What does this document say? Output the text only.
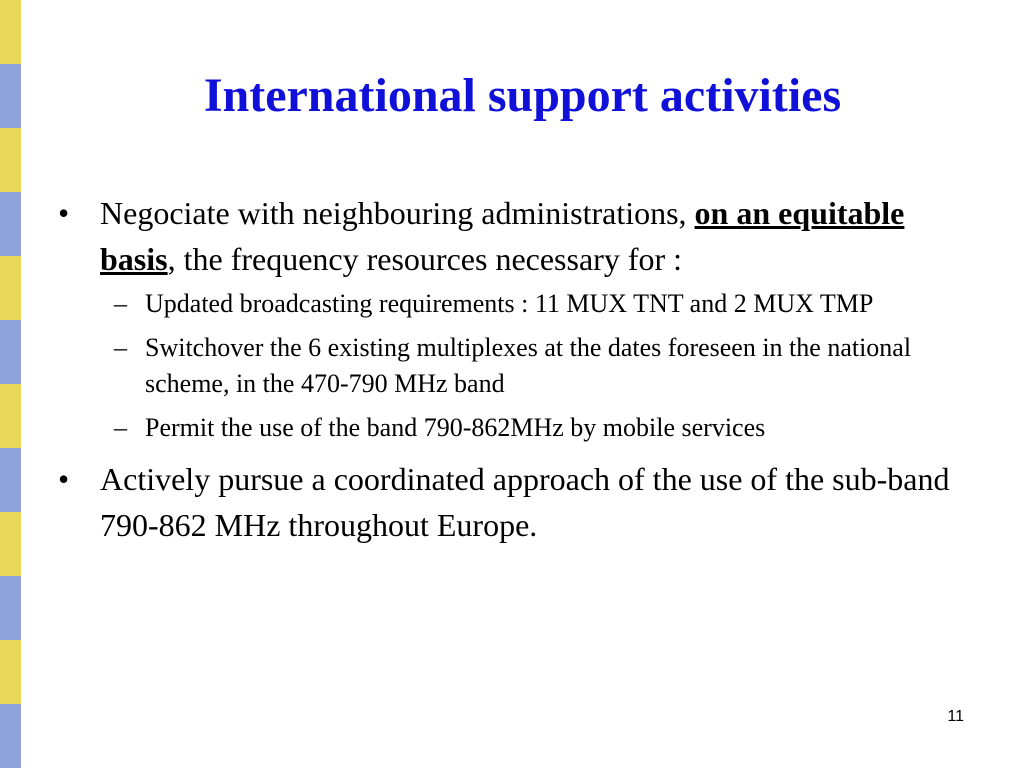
International support activities
• Negociate with neighbouring administrations, on an equitable basis, the frequency resources necessary for :
– Updated broadcasting requirements : 11 MUX TNT and 2 MUX TMP
– Switchover the 6 existing multiplexes at the dates foreseen in the national scheme, in the 470-790 MHz band
– Permit the use of the band 790-862MHz by mobile services
• Actively pursue a coordinated approach of the use of the sub-band 790-862 MHz throughout Europe.
11
